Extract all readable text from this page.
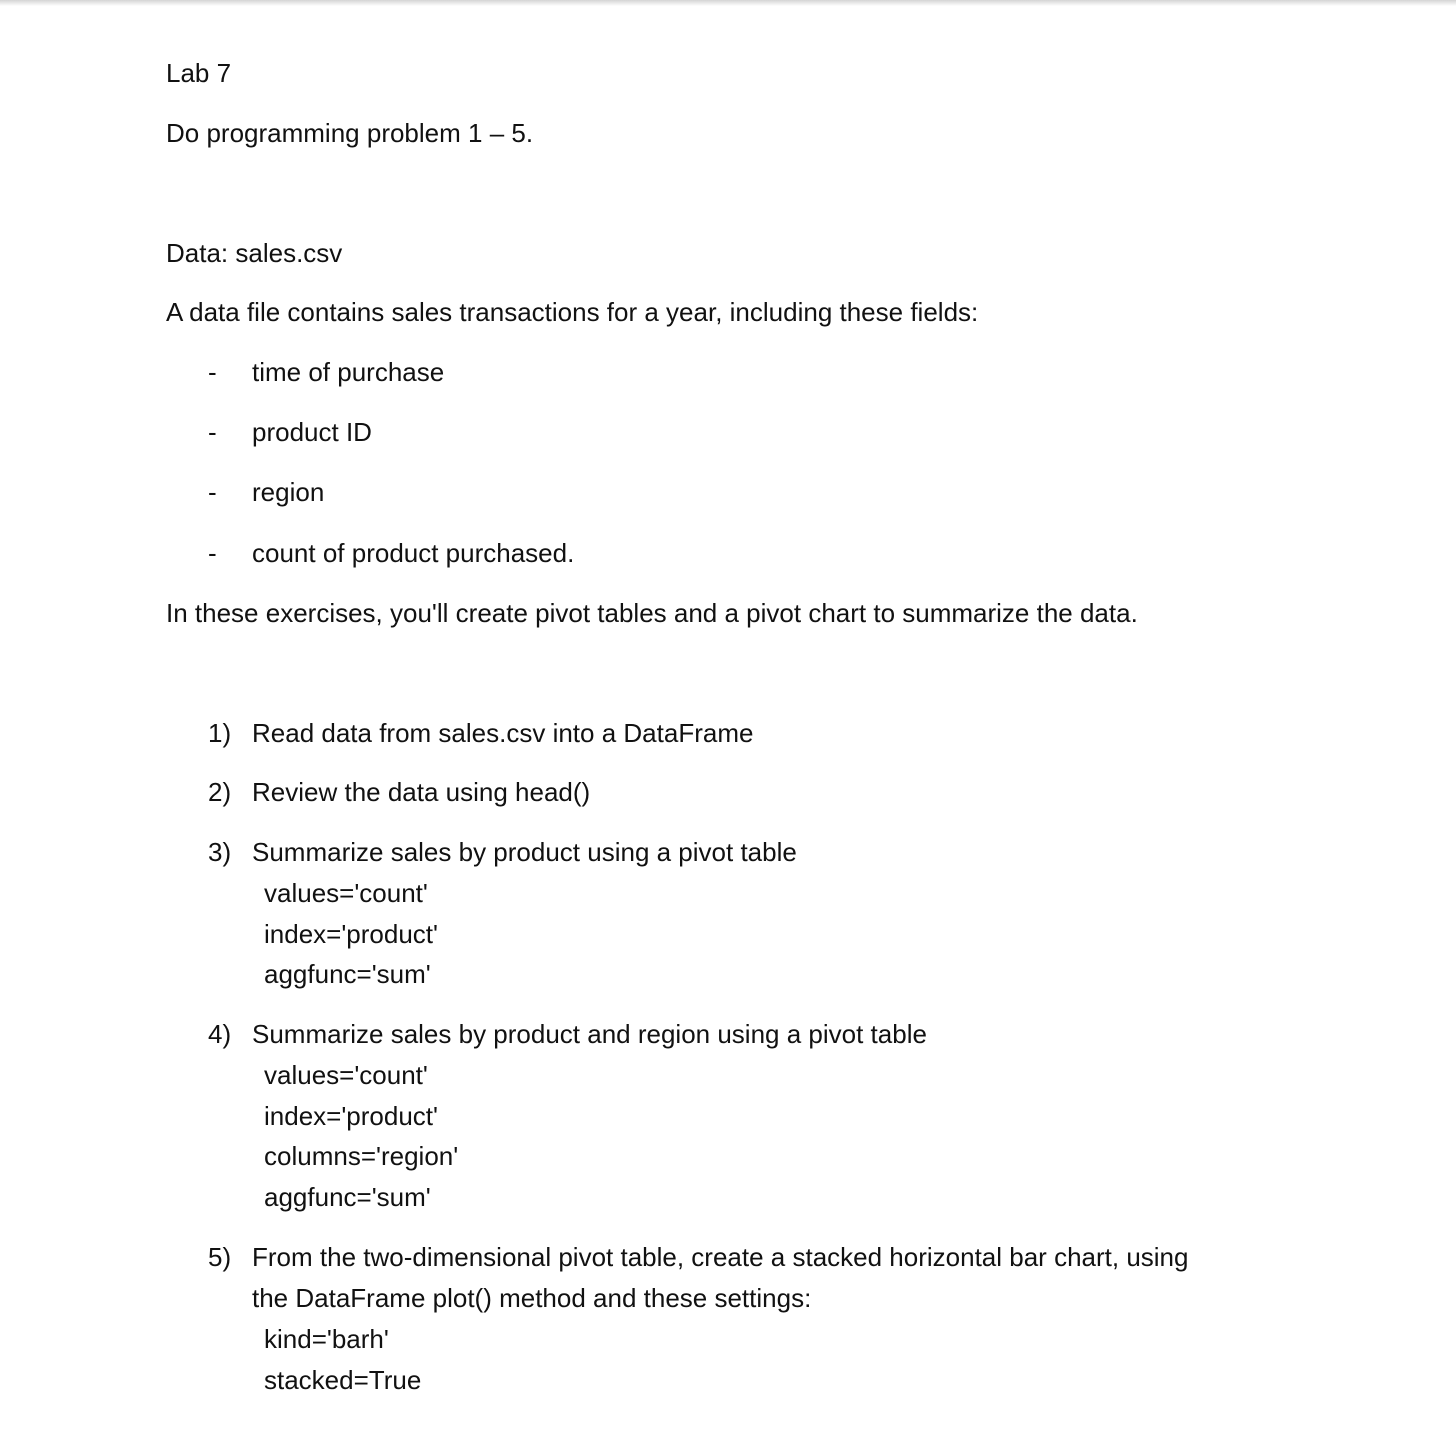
Lab 7
Do programming problem 1 – 5.
Data: sales.csv
A data file contains sales transactions for a year, including these fields:
- time of purchase
- product ID
- region
- count of product purchased.
In these exercises, you'll create pivot tables and a pivot chart to summarize the data.
1) Read data from sales.csv into a DataFrame
2) Review the data using head()
3) Summarize sales by product using a pivot table
values='count'
index='product'
aggfunc='sum'
4) Summarize sales by product and region using a pivot table
values='count'
index='product'
columns='region'
aggfunc='sum'
5) From the two-dimensional pivot table, create a stacked horizontal bar chart, using
the DataFrame plot() method and these settings:
kind='barh'
stacked=True
